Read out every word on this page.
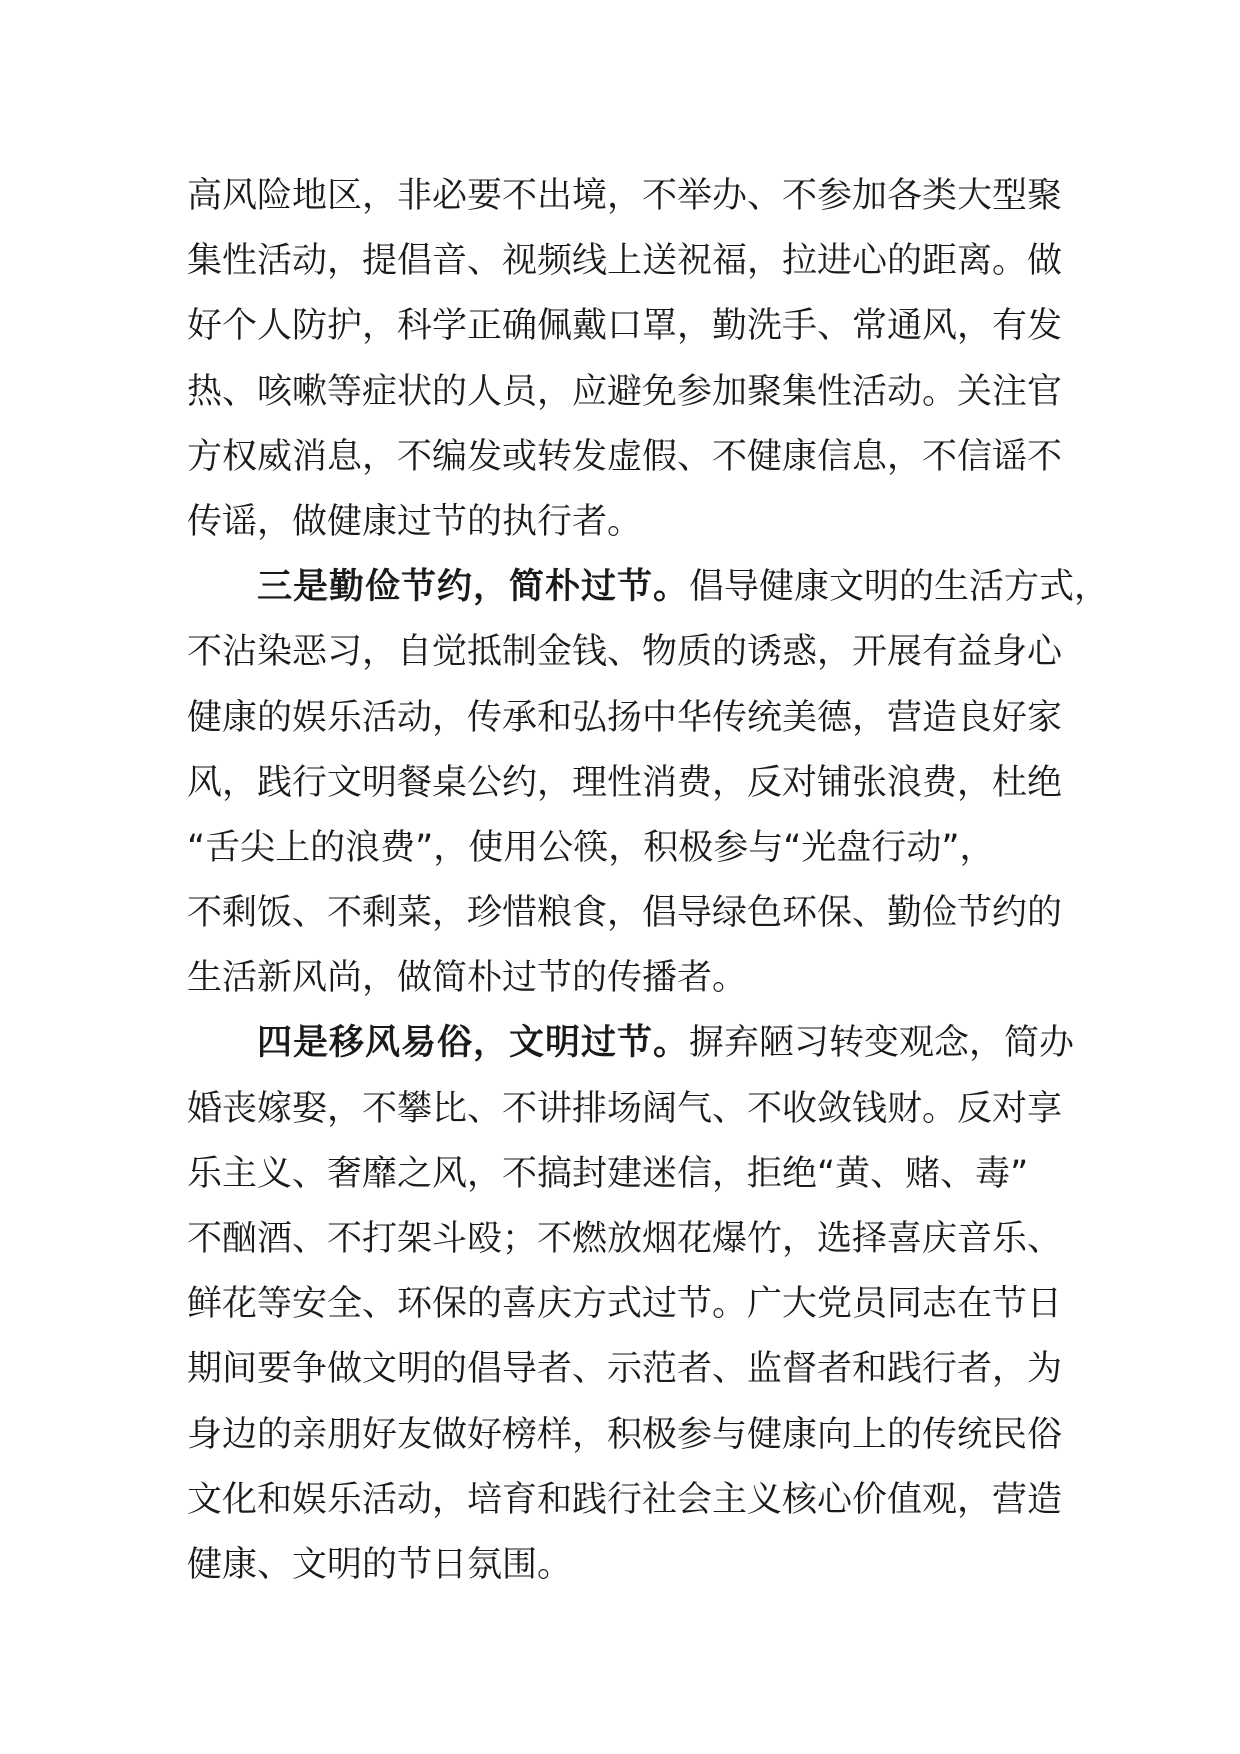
高风险地区，非必要不出境，不举办、不参加各类大型聚
集性活动，提倡音、视频线上送祝福，拉进心的距离。做
好个人防护，科学正确佩戴口罩，勤洗手、常通风，有发
热、咳嗽等症状的人员，应避免参加聚集性活动。关注官
方权威消息，不编发或转发虚假、不健康信息，不信谣不
传谣，做健康过节的执行者。
三是勤俭节约，简朴过节。倡导健康文明的生活方式，
不沾染恶习，自觉抵制金钱、物质的诱惑，开展有益身心
健康的娱乐活动，传承和弘扬中华传统美德，营造良好家
风，践行文明餐桌公约，理性消费，反对铺张浪费，杜绝
“舌尖上的浪费”，使用公筷，积极参与“光盘行动”，
不剩饭、不剩菜，珍惜粮食，倡导绿色环保、勤俭节约的
生活新风尚，做简朴过节的传播者。
四是移风易俗，文明过节。摒弃陋习转变观念，简办
婚丧嫁娶，不攀比、不讲排场阔气、不收敛钱财。反对享
乐主义、奢靡之风，不搞封建迷信，拒绝“黄、赌、毒”
不酗酒、不打架斗殴；不燃放烟花爆竹，选择喜庆音乐、
鲜花等安全、环保的喜庆方式过节。广大党员同志在节日
期间要争做文明的倡导者、示范者、监督者和践行者，为
身边的亲朋好友做好榜样，积极参与健康向上的传统民俗
文化和娱乐活动，培育和践行社会主义核心价值观，营造
健康、文明的节日氛围。
